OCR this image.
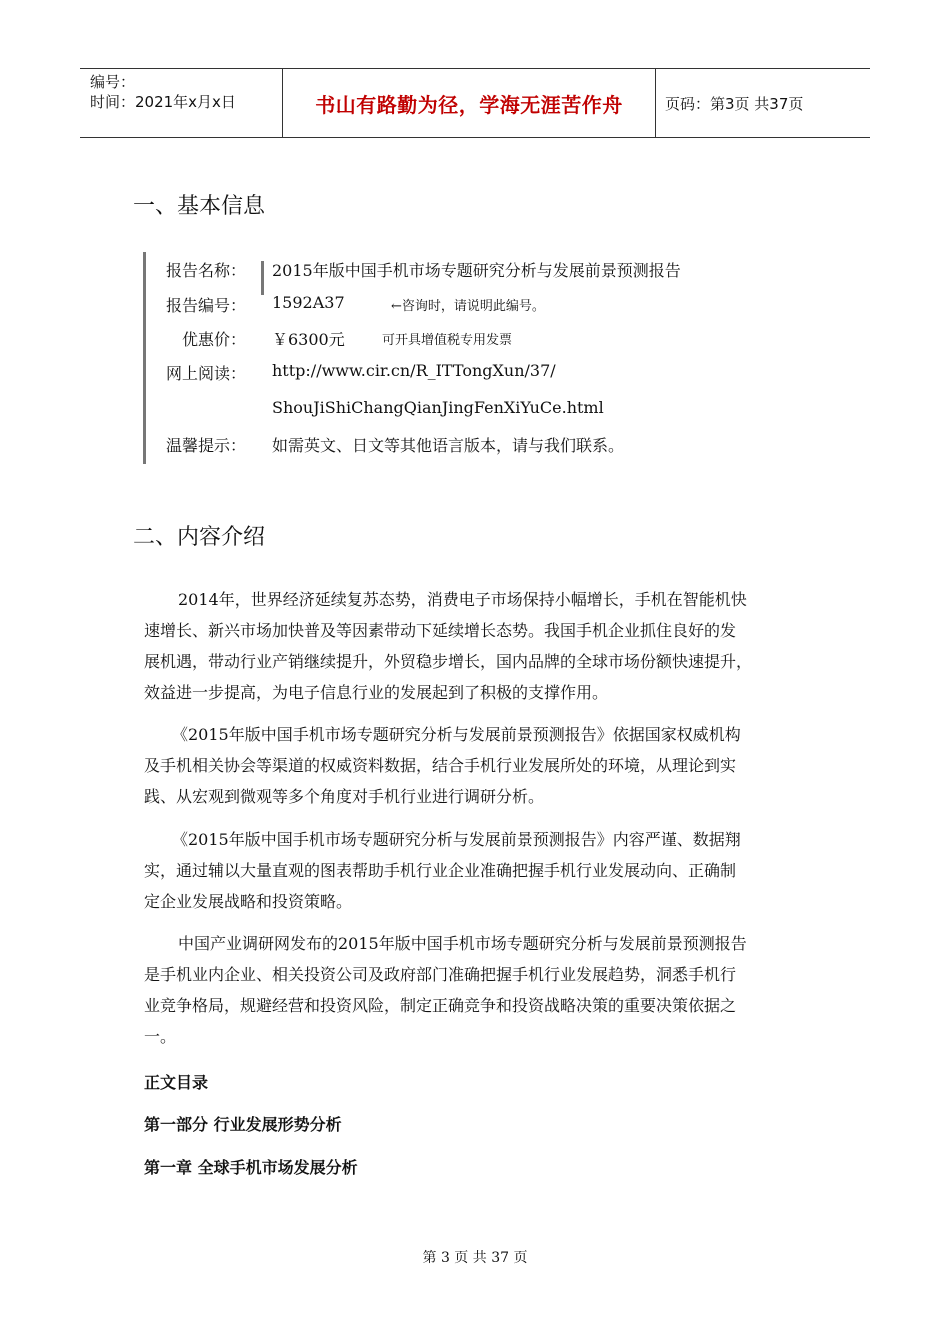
编号：
时间：2021年x月x日	书山有路勤为径，学海无涯苦作舟	页码：第3页 共37页
一、基本信息
报告名称： 2015年版中国手机市场专题研究分析与发展前景预测报告
报告编号： 1592A37	←咨询时，请说明此编号。
优惠价： ￥6300元	可开具增值税专用发票
网上阅读： http://www.cir.cn/R_ITTongXun/37/
ShouJiShiChangQianJingFenXiYuCe.html
温馨提示： 如需英文、日文等其他语言版本，请与我们联系。
二、内容介绍
2014年，世界经济延续复苏态势，消费电子市场保持小幅增长，手机在智能机快
速增长、新兴市场加快普及等因素带动下延续增长态势。我国手机企业抓住良好的发
展机遇，带动行业产销继续提升，外贸稳步增长，国内品牌的全球市场份额快速提升，
效益进一步提高，为电子信息行业的发展起到了积极的支撑作用。
《2015年版中国手机市场专题研究分析与发展前景预测报告》依据国家权威机构
及手机相关协会等渠道的权威资料数据，结合手机行业发展所处的环境，从理论到实
践、从宏观到微观等多个角度对手机行业进行调研分析。
《2015年版中国手机市场专题研究分析与发展前景预测报告》内容严谨、数据翔
实，通过辅以大量直观的图表帮助手机行业企业准确把握手机行业发展动向、正确制
定企业发展战略和投资策略。
中国产业调研网发布的2015年版中国手机市场专题研究分析与发展前景预测报告
是手机业内企业、相关投资公司及政府部门准确把握手机行业发展趋势，洞悉手机行
业竞争格局，规避经营和投资风险，制定正确竞争和投资战略决策的重要决策依据之
一。
正文目录
第一部分 行业发展形势分析
第一章 全球手机市场发展分析
第 3 页 共 37 页
